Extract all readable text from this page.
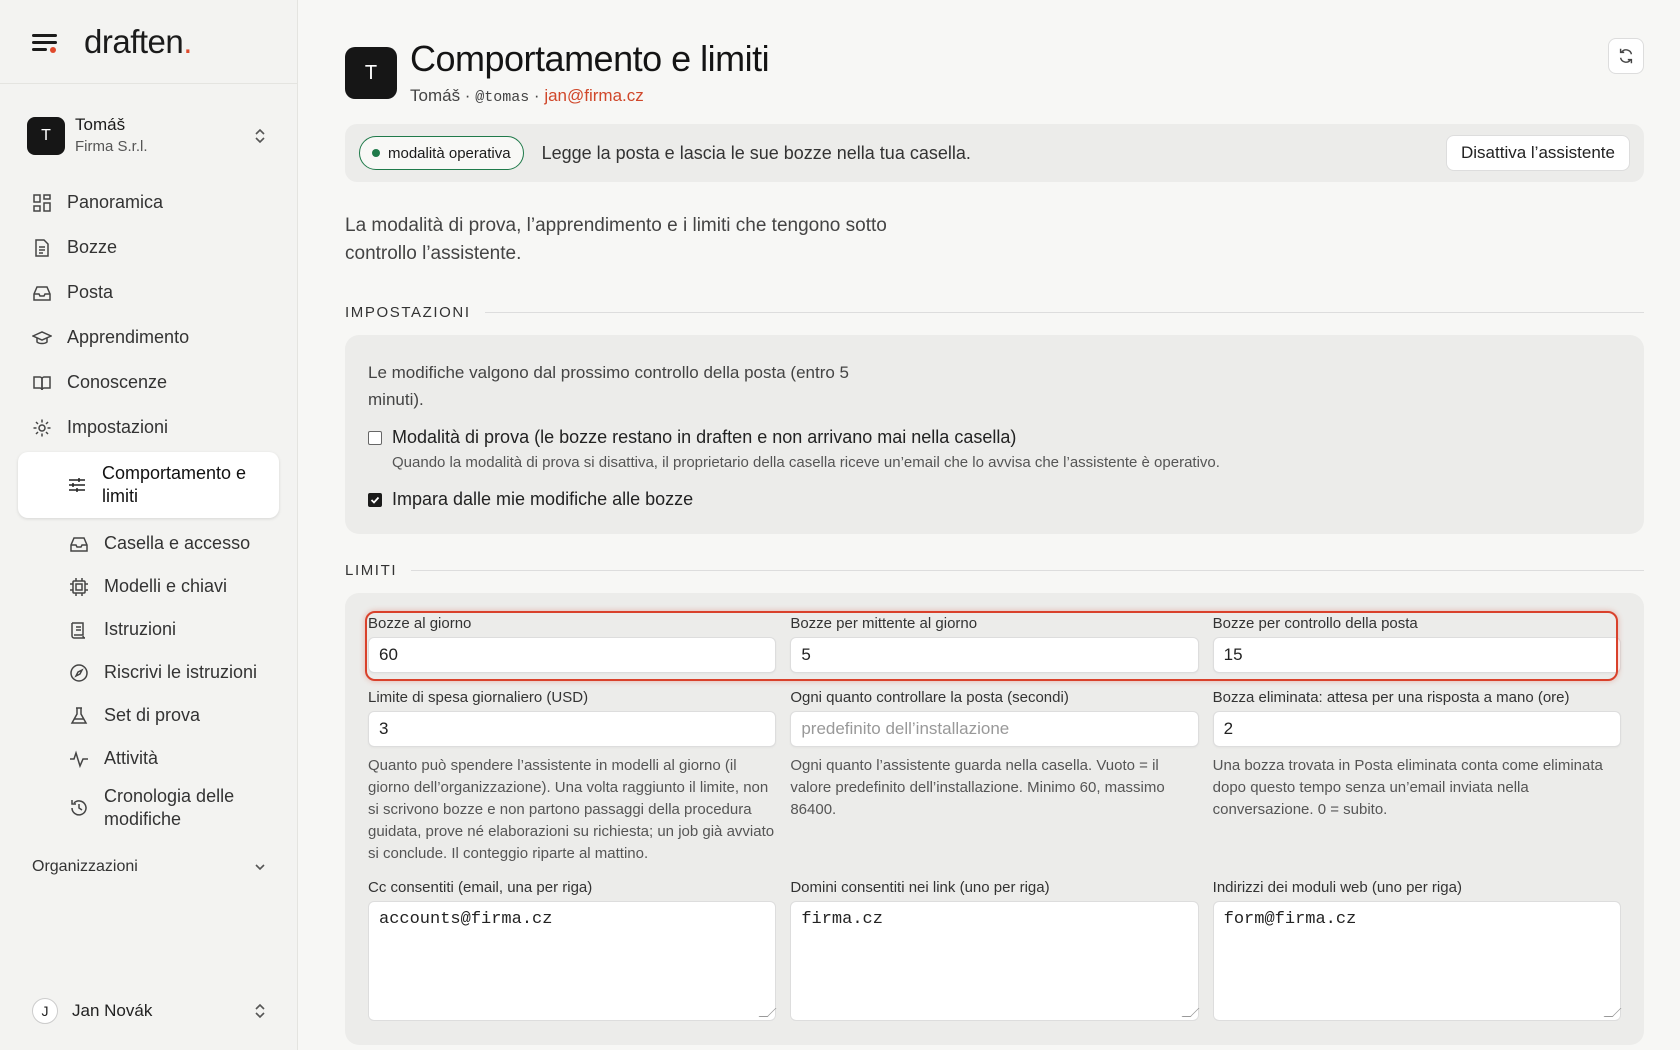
draften.
T
Tomáš
Firma S.r.l.
Panoramica
Bozze
Posta
Apprendimento
Conoscenze
Impostazioni
Comportamento e limiti
Casella e accesso
Modelli e chiavi
Istruzioni
Riscrivi le istruzioni
Set di prova
Attività
Cronologia delle modifiche
Organizzazioni
J	Jan Novák
T Comportamento e limiti
Tomáš · @tomas · jan@firma.cz
modalità operativa Legge la posta e lascia le sue bozze nella tua casella.	Disattiva l’assistente

La modalità di prova, l’apprendimento e i limiti che tengono sotto controllo l’assistente.

IMPOSTAZIONI

Le modifiche valgono dal prossimo controllo della posta (entro 5 minuti).

Modalità di prova (le bozze restano in draften e non arrivano mai nella casella)
Quando la modalità di prova si disattiva, il proprietario della casella riceve un’email che lo avvisa che l’assistente è operativo.
Impara dalle mie modifiche alle bozze
LIMITI
Bozze al giorno
60
Bozze per mittente al giorno
5
Bozze per controllo della posta
15
Limite di spesa giornaliero (USD)
3

Quanto può spendere l’assistente in modelli al giorno (il giorno dell’organizzazione). Una volta raggiunto il limite, non si scrivono bozze e non partono passaggi della procedura guidata, prove né elaborazioni su richiesta; un job già avviato si conclude. Il conteggio riparte al mattino.

Ogni quanto controllare la posta (secondi)
predefinito dell’installazione

Ogni quanto l’assistente guarda nella casella. Vuoto = il valore predefinito dell’installazione. Minimo 60, massimo 86400.

Bozza eliminata: attesa per una risposta a mano (ore)
2

Una bozza trovata in Posta eliminata conta come eliminata dopo questo tempo senza un’email inviata nella conversazione. 0 = subito.

Cc consentiti (email, una per riga)
accounts@firma.cz
Domini consentiti nei link (uno per riga)
firma.cz
Indirizzi dei moduli web (uno per riga)
form@firma.cz
